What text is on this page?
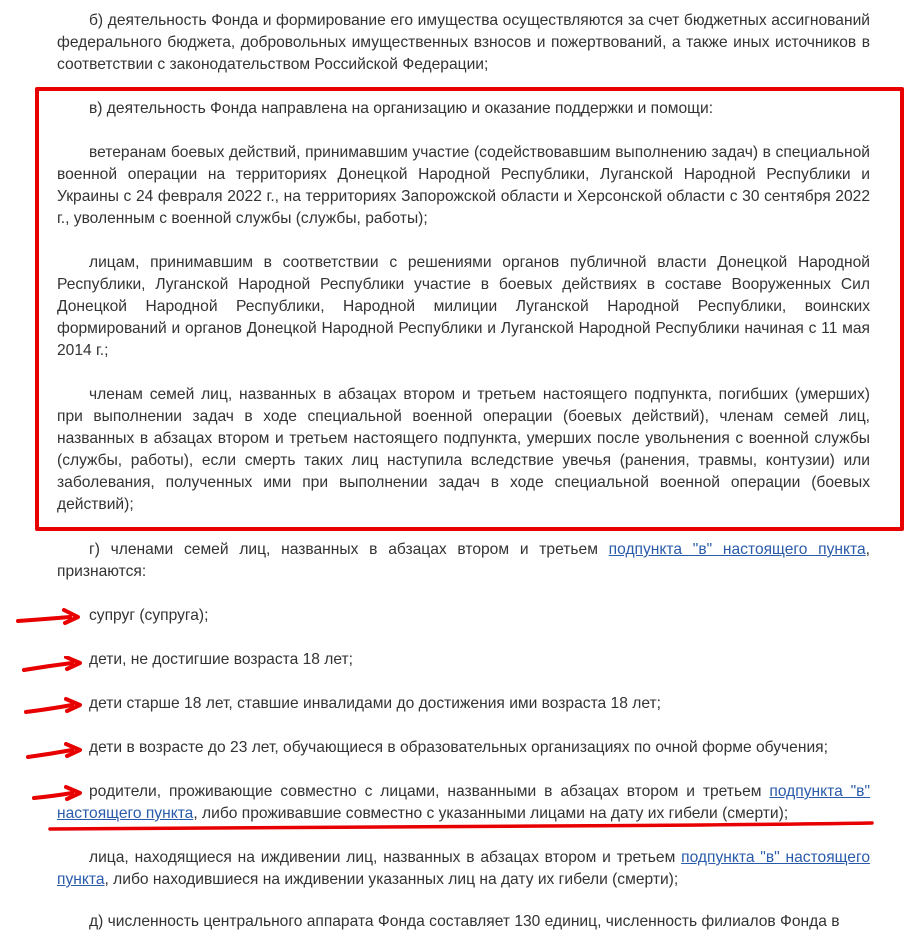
б) деятельность Фонда и формирование его имущества осуществляются за счет бюджетных ассигнований федерального бюджета, добровольных имущественных взносов и пожертвований, а также иных источников в соответствии с законодательством Российской Федерации;

в) деятельность Фонда направлена на организацию и оказание поддержки и помощи:

ветеранам боевых действий, принимавшим участие (содействовавшим выполнению задач) в специальной военной операции на территориях Донецкой Народной Республики, Луганской Народной Республики и Украины с 24 февраля 2022 г., на территориях Запорожской области и Херсонской области с 30 сентября 2022 г., уволенным с военной службы (службы, работы);

лицам, принимавшим в соответствии с решениями органов публичной власти Донецкой Народной Республики, Луганской Народной Республики участие в боевых действиях в составе Вооруженных Сил Донецкой Народной Республики, Народной милиции Луганской Народной Республики, воинских формирований и органов Донецкой Народной Республики и Луганской Народной Республики начиная с 11 мая 2014 г.;

членам семей лиц, названных в абзацах втором и третьем настоящего подпункта, погибших (умерших) при выполнении задач в ходе специальной военной операции (боевых действий), членам семей лиц, названных в абзацах втором и третьем настоящего подпункта, умерших после увольнения с военной службы (службы, работы), если смерть таких лиц наступила вследствие увечья (ранения, травмы, контузии) или заболевания, полученных ими при выполнении задач в ходе специальной военной операции (боевых действий);

г) членами семей лиц, названных в абзацах втором и третьем подпункта "в" настоящего пункта, признаются:

супруг (супруга);

дети, не достигшие возраста 18 лет;

дети старше 18 лет, ставшие инвалидами до достижения ими возраста 18 лет;

дети в возрасте до 23 лет, обучающиеся в образовательных организациях по очной форме обучения;

родители, проживающие совместно с лицами, названными в абзацах втором и третьем подпункта "в" настоящего пункта, либо проживавшие совместно с указанными лицами на дату их гибели (смерти);

лица, находящиеся на иждивении лиц, названных в абзацах втором и третьем подпункта "в" настоящего пункта, либо находившиеся на иждивении указанных лиц на дату их гибели (смерти);

д) численность центрального аппарата Фонда составляет 130 единиц, численность филиалов Фонда в
